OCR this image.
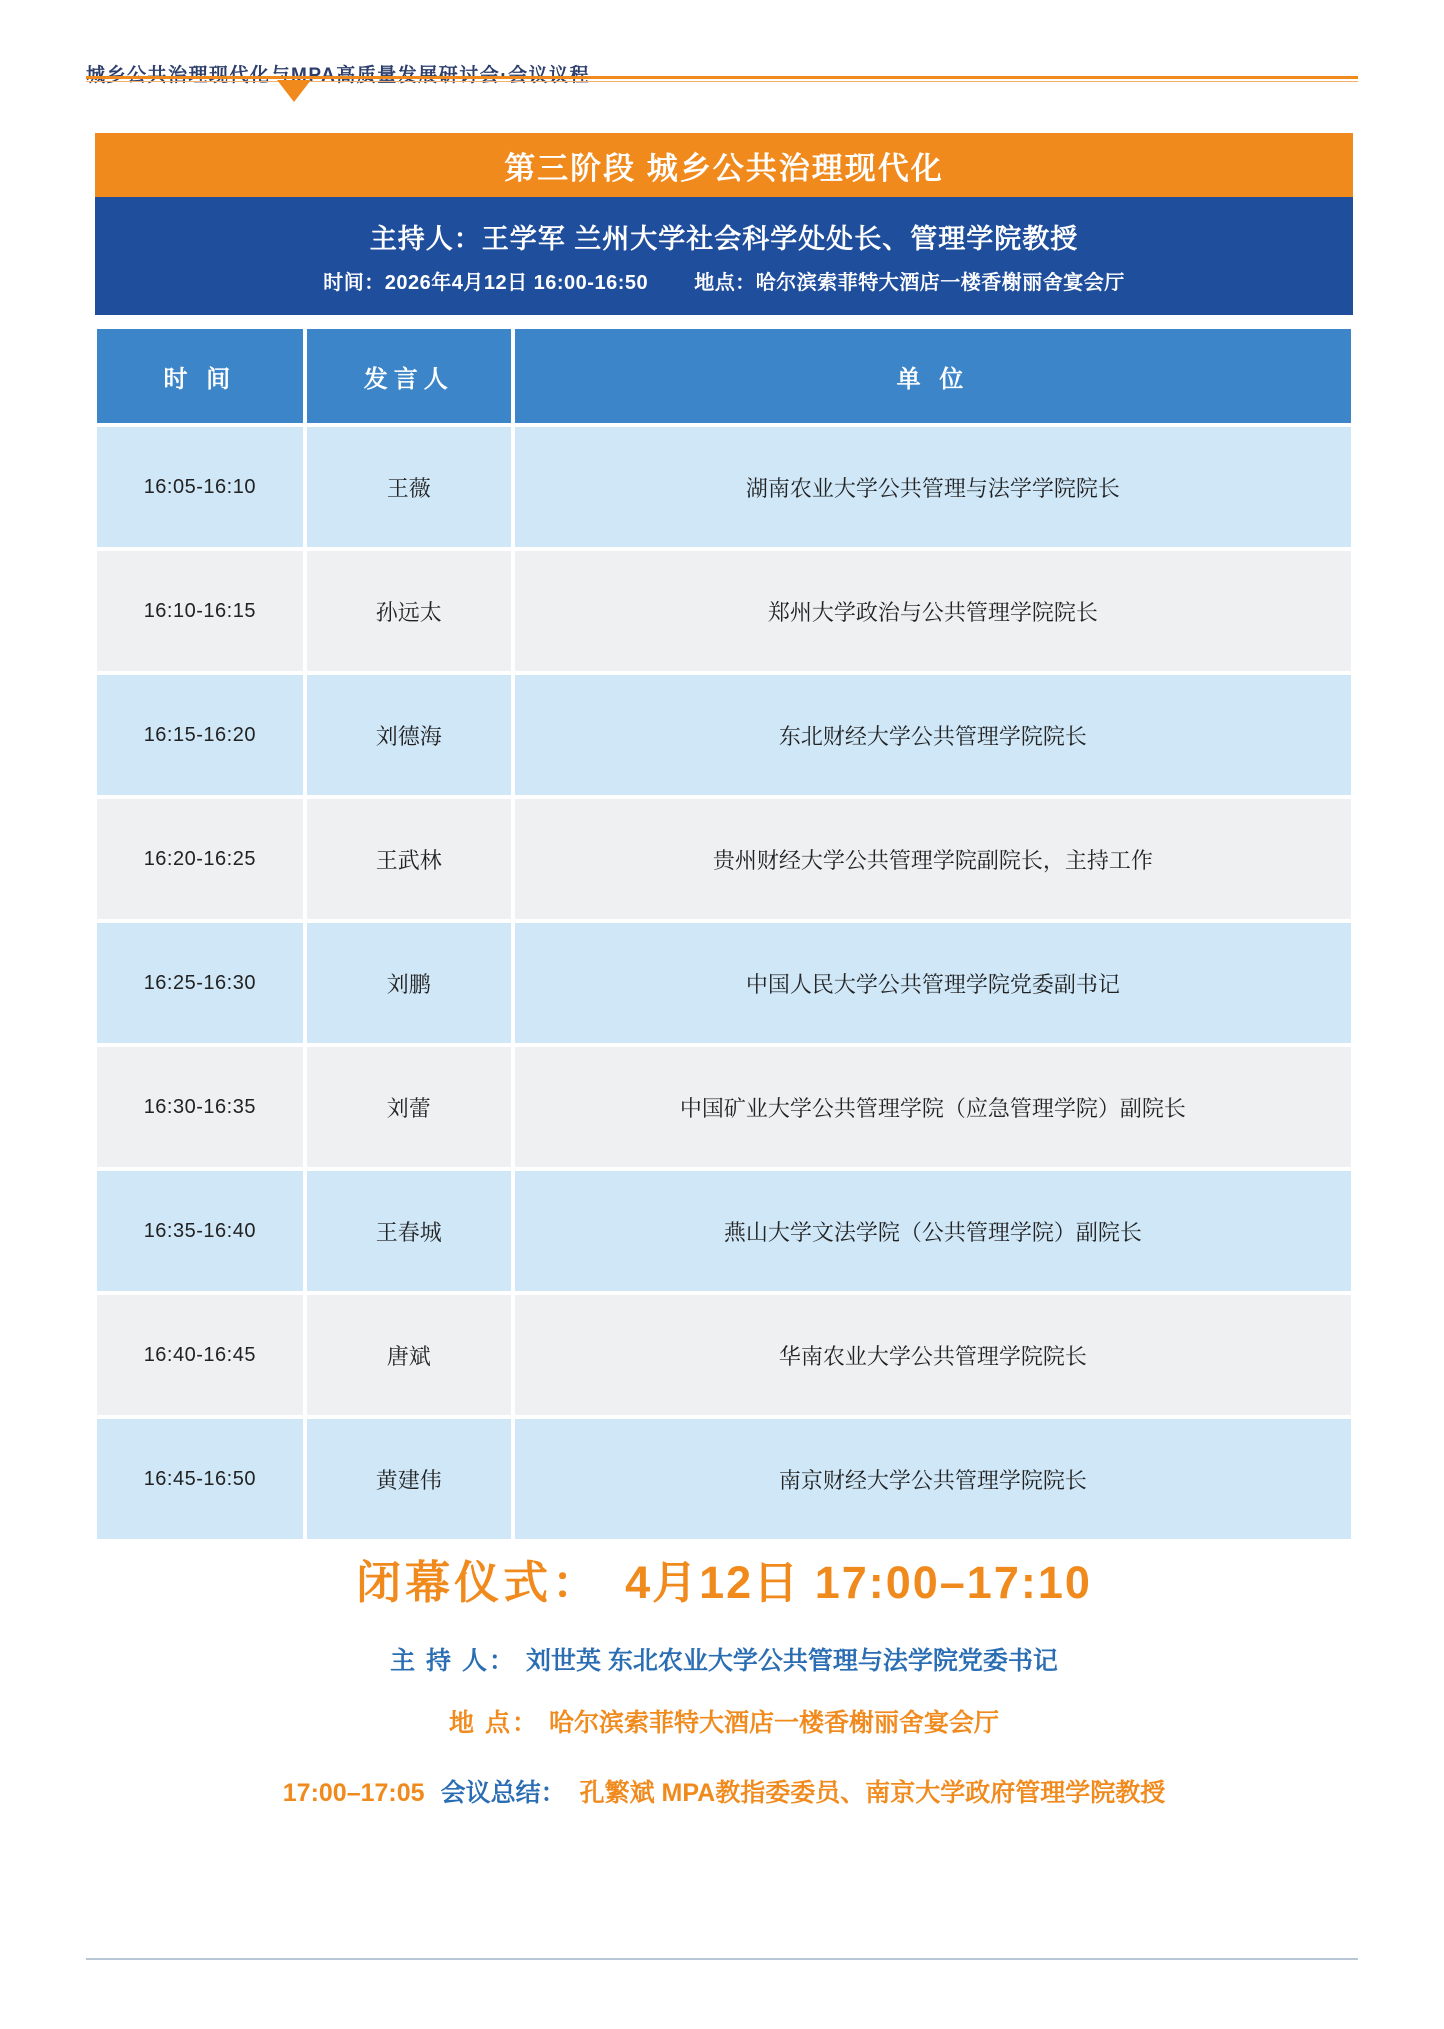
第三阶段 城乡公共治理现代化
主持人：王学军 兰州大学社会科学处处长、管理学院教授
时间：2026年4月12日 16:00-16:50 地点：哈尔滨索菲特大酒店一楼香榭丽舍宴会厅
时 间	发言人	单 位
16:05-16:10	王薇	湖南农业大学公共管理与法学学院院长
16:10-16:15	孙远太	郑州大学政治与公共管理学院院长
16:15-16:20	刘德海	东北财经大学公共管理学院院长
16:20-16:25	王武林	贵州财经大学公共管理学院副院长，主持工作
16:25-16:30	刘鹏	中国人民大学公共管理学院党委副书记
16:30-16:35	刘蕾	中国矿业大学公共管理学院（应急管理学院）副院长
16:35-16:40	王春城	燕山大学文法学院（公共管理学院）副院长
16:40-16:45	唐斌	华南农业大学公共管理学院院长
16:45-16:50	黄建伟	南京财经大学公共管理学院院长
闭幕仪式： 4月12日 17:00–17:10
主 持 人： 刘世英 东北农业大学公共管理与法学院党委书记
地 点： 哈尔滨索菲特大酒店一楼香榭丽舍宴会厅
17:00–17:05 会议总结： 孔繁斌 MPA教指委委员、南京大学政府管理学院教授
